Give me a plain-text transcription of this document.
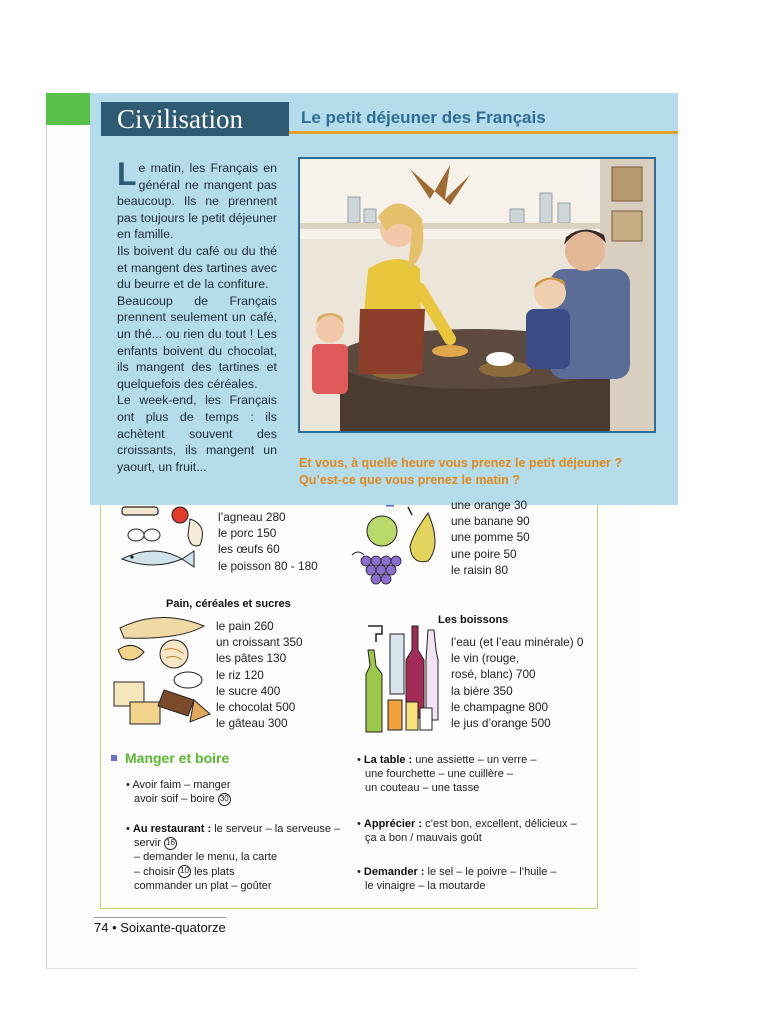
Civilisation	Le petit déjeuner des Français

Le matin, les Français en général ne mangent pas beaucoup. Ils ne prennent pas toujours le petit déjeuner en famille.

Ils boivent du café ou du thé et mangent des tartines avec du beurre et de la confiture.

Beaucoup de Français prennent seulement un café, un thé... ou rien du tout ! Les enfants boivent du chocolat, ils mangent des tartines et quelquefois des céréales.

Le week-end, les Français ont plus de temps : ils achètent souvent des croissants, ils mangent un yaourt, un fruit...	Et vous, à quelle heure vous prenez le petit déjeuner ?
Qu’est-ce que vous prenez le matin ?
l’agneau 280
le porc 150
les œufs 60
le poisson 80 - 180
une orange 30
une banane 90
une pomme 50
une poire 50
le raisin 80
Pain, céréales et sucres
le pain 260
un croissant 350
les pâtes 130
le riz 120
le sucre 400
le chocolat 500
le gâteau 300
Les boissons
l’eau (et l’eau minérale) 0
le vin (rouge,
rosé, blanc) 700
la bière 350
le champagne 800
le jus d’orange 500
Manger et boire
• Avoir faim – manger
avoir soif – boire 30
• Au restaurant : le serveur – la serveuse –
servir 16
– demander le menu, la carte
– choisir 10 les plats
commander un plat – goûter
• La table : une assiette – un verre –
une fourchette – une cuillère –
un couteau – une tasse
• Apprécier : c’est bon, excellent, délicieux –
ça a bon / mauvais goût
• Demander : le sel – le poivre – l’huile –
le vinaigre – la moutarde
74 • Soixante-quatorze
